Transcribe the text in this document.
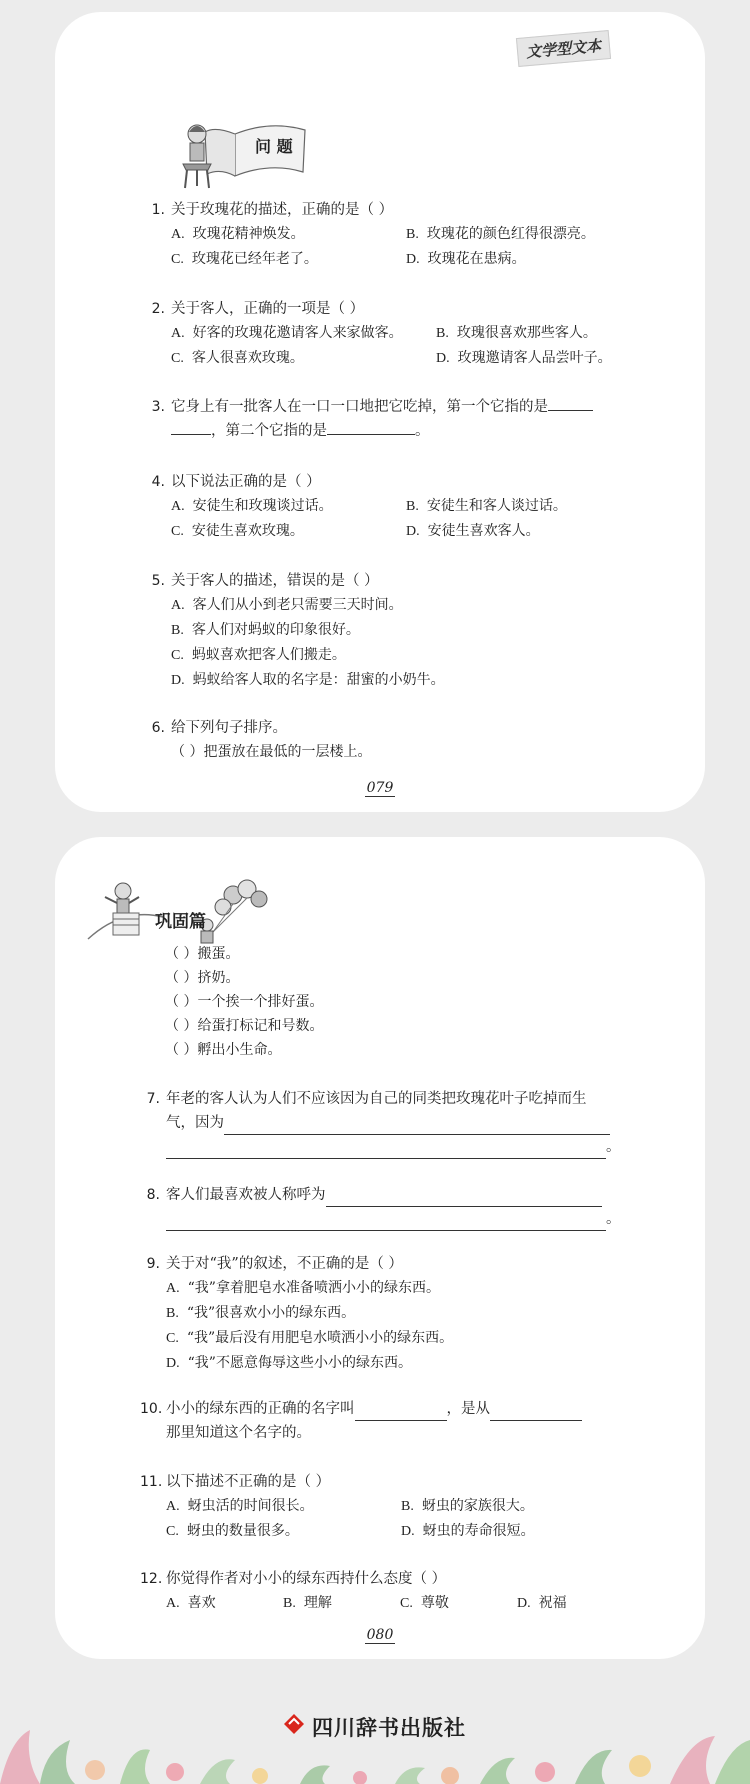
文学型文本
问 题
1. 关于玫瑰花的描述，正确的是（ ）
A. 玫瑰花精神焕发。	B. 玫瑰花的颜色红得很漂亮。
C. 玫瑰花已经年老了。	D. 玫瑰花在患病。
2. 关于客人，正确的一项是（ ）
A. 好客的玫瑰花邀请客人来家做客。	B. 玫瑰很喜欢那些客人。
C. 客人很喜欢玫瑰。	D. 玫瑰邀请客人品尝叶子。
3. 它身上有一批客人在一口一口地把它吃掉，第一个它指的是
，第二个它指的是	。
4. 以下说法正确的是（ ）
A. 安徒生和玫瑰谈过话。	B. 安徒生和客人谈过话。
C. 安徒生喜欢玫瑰。	D. 安徒生喜欢客人。
5. 关于客人的描述，错误的是（ ）
A. 客人们从小到老只需要三天时间。
B. 客人们对蚂蚁的印象很好。
C. 蚂蚁喜欢把客人们搬走。
D. 蚂蚁给客人取的名字是：甜蜜的小奶牛。
6. 给下列句子排序。
（ ）把蛋放在最低的一层楼上。
079
巩固篇
（ ）搬蛋。
（ ）挤奶。
（ ）一个挨一个排好蛋。
（ ）给蛋打标记和号数。
（ ）孵出小生命。
7. 年老的客人认为人们不应该因为自己的同类把玫瑰花叶子吃掉而生
气，因为
。
8. 客人们最喜欢被人称呼为
。
9. 关于对“我”的叙述，不正确的是（ ）
A. “我”拿着肥皂水准备喷洒小小的绿东西。
B. “我”很喜欢小小的绿东西。
C. “我”最后没有用肥皂水喷洒小小的绿东西。
D. “我”不愿意侮辱这些小小的绿东西。
10. 小小的绿东西的正确的名字叫	，是从
那里知道这个名字的。
11. 以下描述不正确的是（ ）
A. 蚜虫活的时间很长。	B. 蚜虫的家族很大。
C. 蚜虫的数量很多。	D. 蚜虫的寿命很短。
12. 你觉得作者对小小的绿东西持什么态度（ ）
A. 喜欢	B. 理解	C. 尊敬	D. 祝福
080
四川辞书出版社
